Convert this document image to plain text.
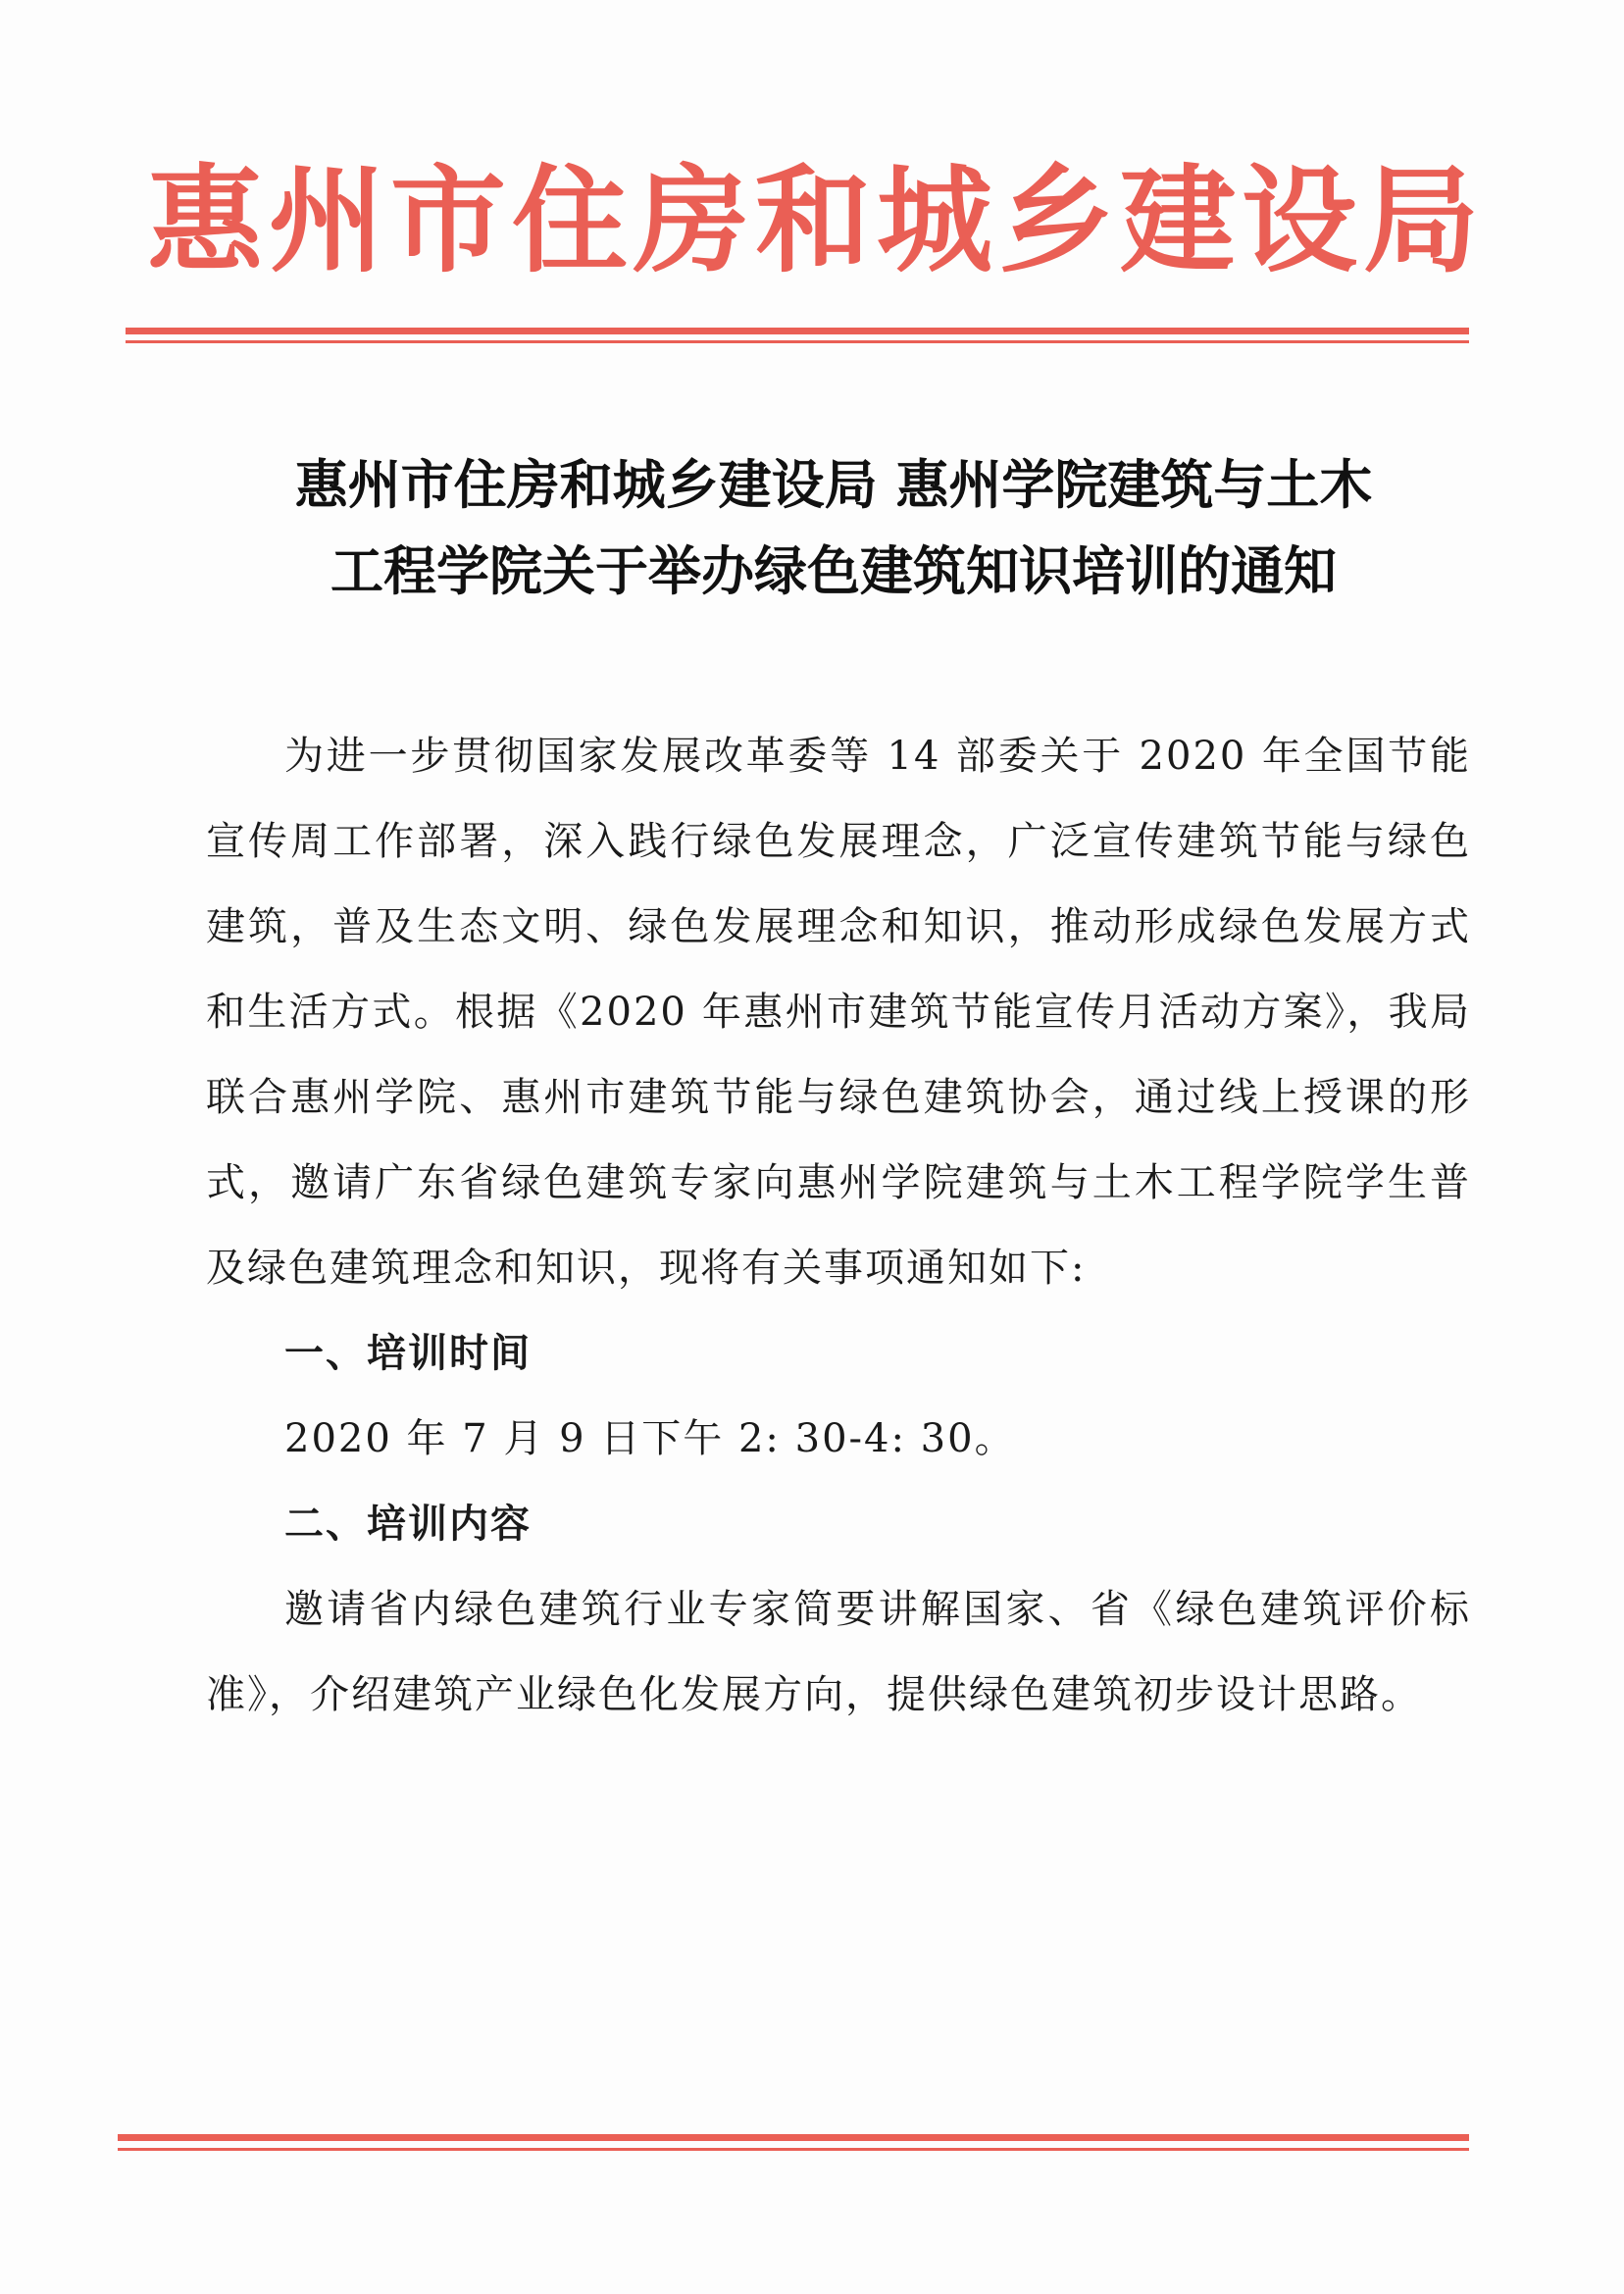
惠州市住房和城乡建设局
惠州市住房和城乡建设局 惠州学院建筑与土木
工程学院关于举办绿色建筑知识培训的通知

为进一步贯彻国家发展改革委等 14 部委关于 2020 年全国节能宣传周工作部署，深入践行绿色发展理念，广泛宣传建筑节能与绿色建筑，普及生态文明、绿色发展理念和知识，推动形成绿色发展方式和生活方式。根据《2020 年惠州市建筑节能宣传月活动方案》，我局联合惠州学院、惠州市建筑节能与绿色建筑协会，通过线上授课的形式，邀请广东省绿色建筑专家向惠州学院建筑与土木工程学院学生普及绿色建筑理念和知识，现将有关事项通知如下:

一、培训时间

2020 年 7 月 9 日下午 2: 30-4: 30。

二、培训内容

邀请省内绿色建筑行业专家简要讲解国家、省《绿色建筑评价标准》，介绍建筑产业绿色化发展方向，提供绿色建筑初步设计思路。
